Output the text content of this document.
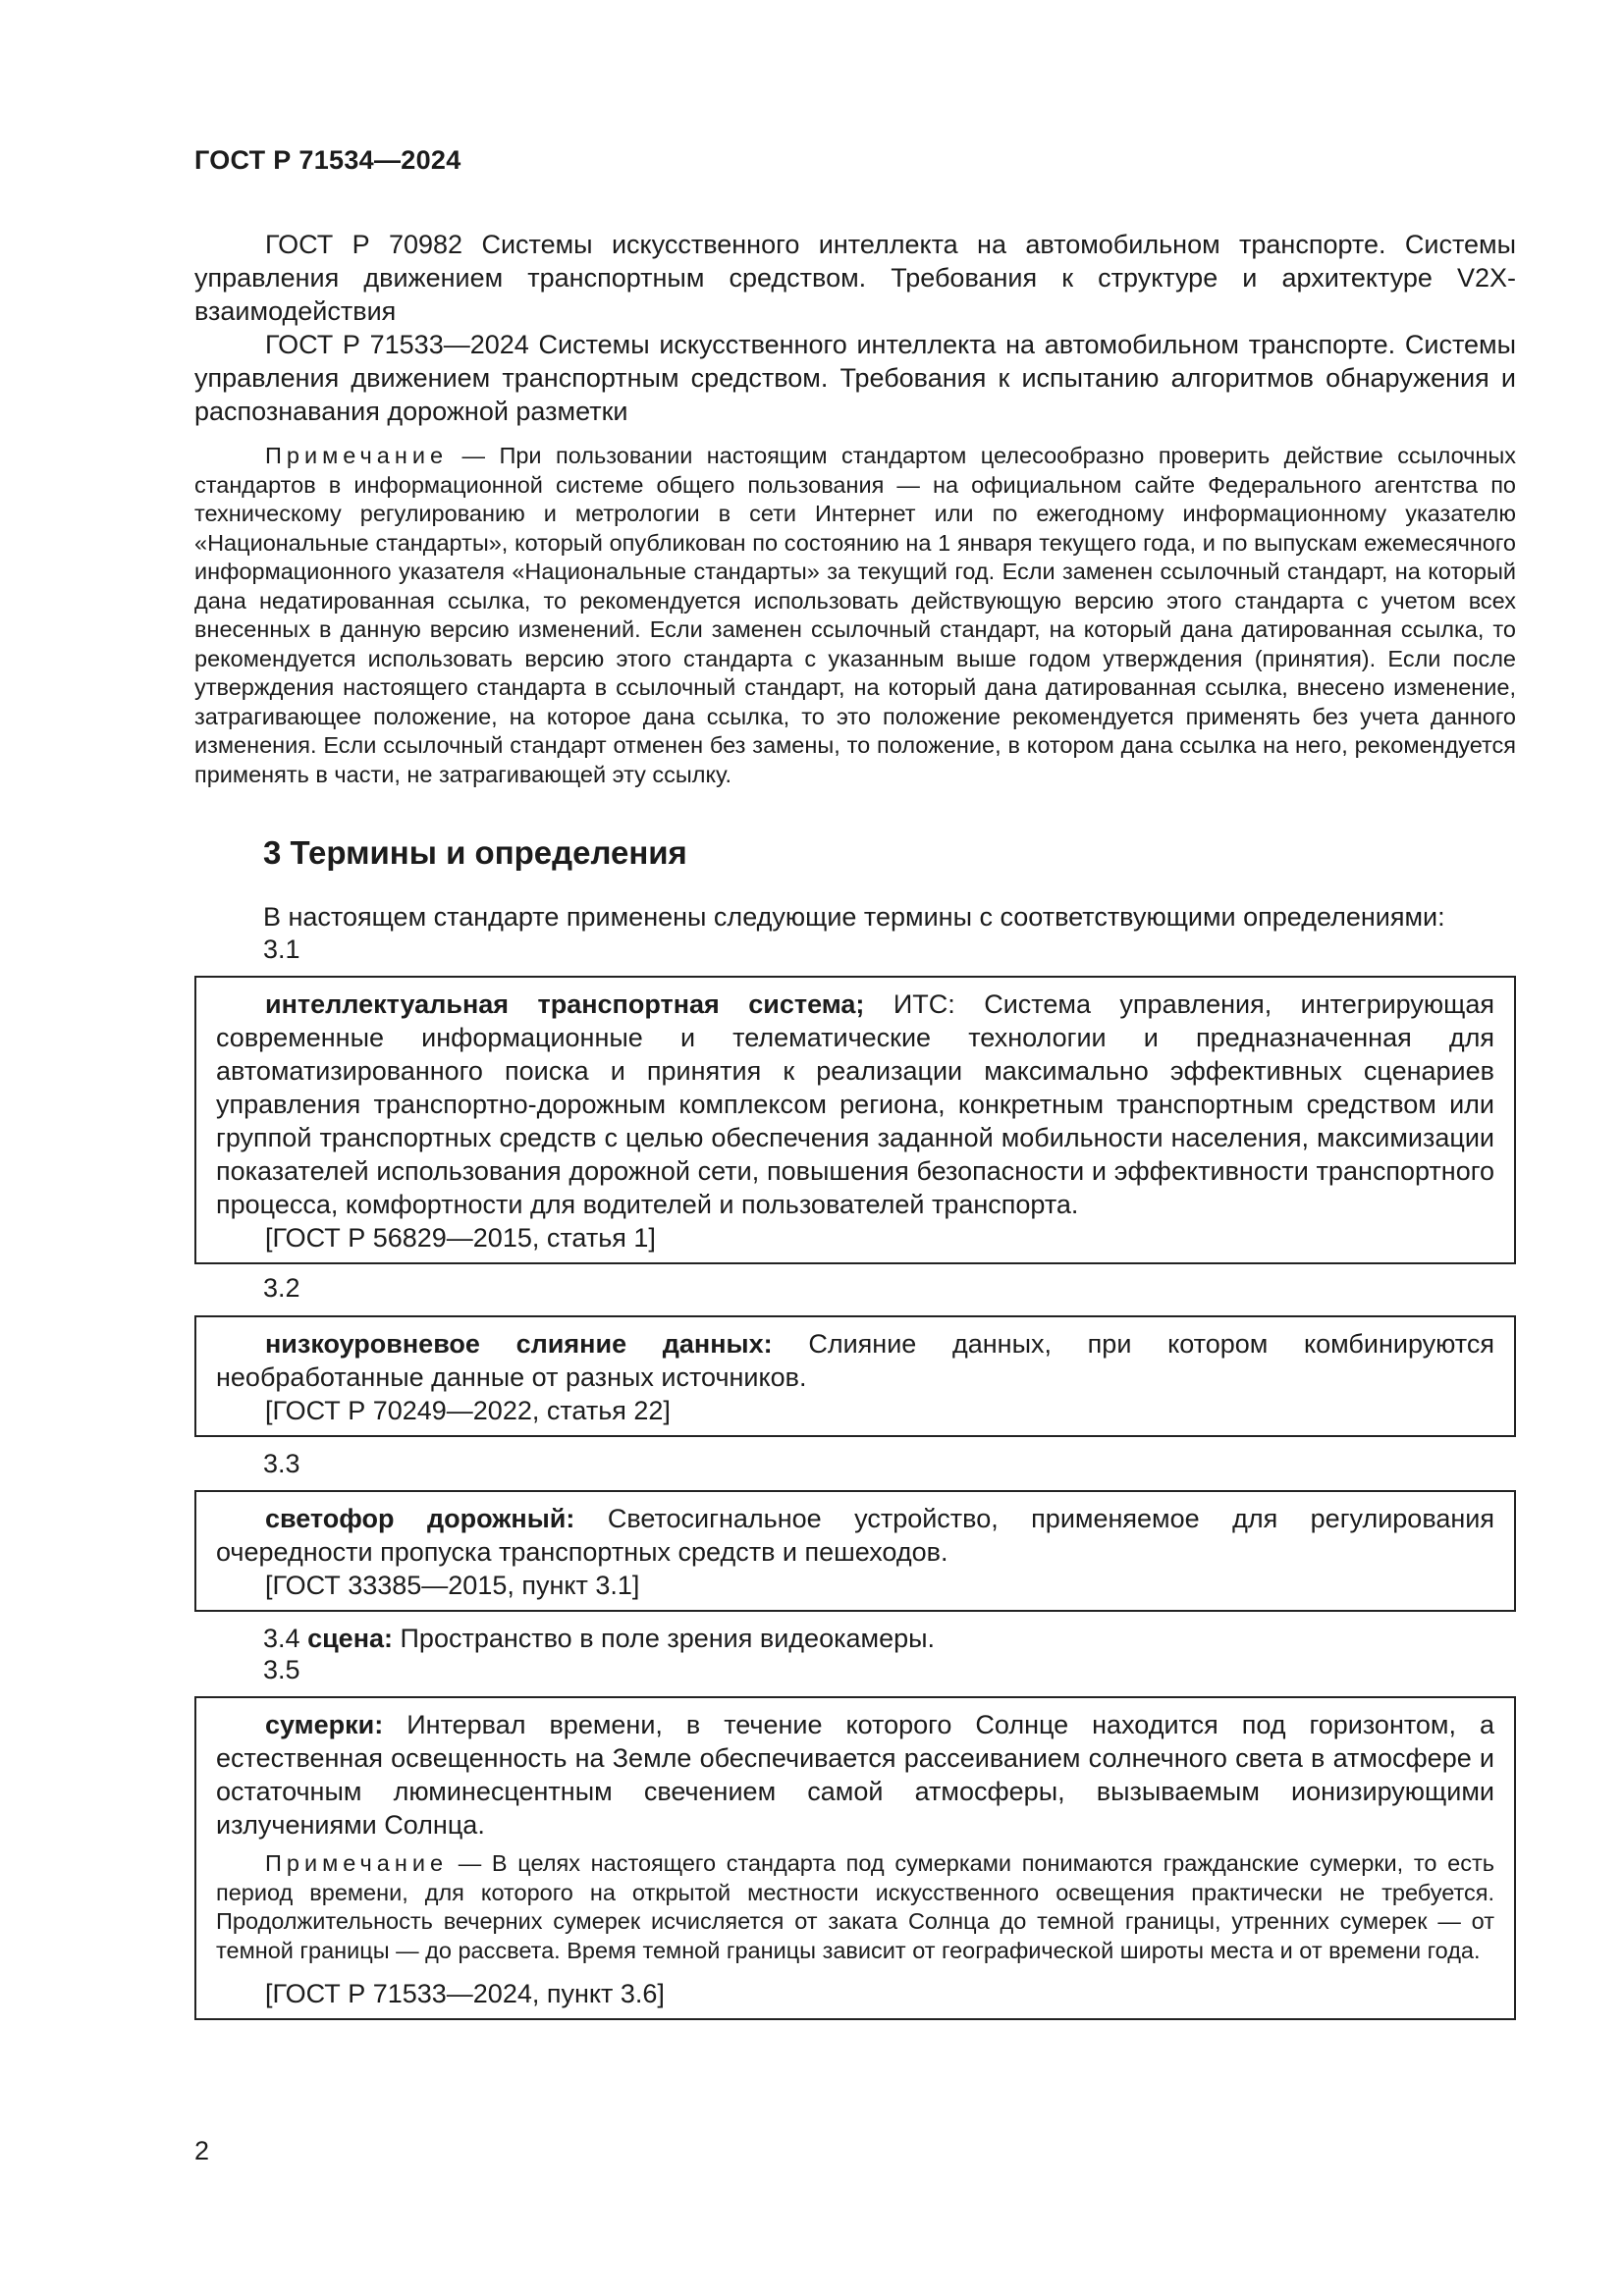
ГОСТ Р 71534—2024

ГОСТ Р 70982 Системы искусственного интеллекта на автомобильном транспорте. Системы управления движением транспортным средством. Требования к структуре и архитектуре V2X-взаимодействия

ГОСТ Р 71533—2024 Системы искусственного интеллекта на автомобильном транспорте. Системы управления движением транспортным средством. Требования к испытанию алгоритмов обнаружения и распознавания дорожной разметки

Примечание — При пользовании настоящим стандартом целесообразно проверить действие ссылочных стандартов в информационной системе общего пользования — на официальном сайте Федерального агентства по техническому регулированию и метрологии в сети Интернет или по ежегодному информационному указателю «Национальные стандарты», который опубликован по состоянию на 1 января текущего года, и по выпускам ежемесячного информационного указателя «Национальные стандарты» за текущий год. Если заменен ссылочный стандарт, на который дана недатированная ссылка, то рекомендуется использовать действующую версию этого стандарта с учетом всех внесенных в данную версию изменений. Если заменен ссылочный стандарт, на который дана датированная ссылка, то рекомендуется использовать версию этого стандарта с указанным выше годом утверждения (принятия). Если после утверждения настоящего стандарта в ссылочный стандарт, на который дана датированная ссылка, внесено изменение, затрагивающее положение, на которое дана ссылка, то это положение рекомендуется применять без учета данного изменения. Если ссылочный стандарт отменен без замены, то положение, в котором дана ссылка на него, рекомендуется применять в части, не затрагивающей эту ссылку.

3 Термины и определения
В настоящем стандарте применены следующие термины с соответствующими определениями:
3.1

интеллектуальная транспортная система; ИТС: Система управления, интегрирующая современные информационные и телематические технологии и предназначенная для автоматизированного поиска и принятия к реализации максимально эффективных сценариев управления транспортно-дорожным комплексом региона, конкретным транспортным средством или группой транспортных средств с целью обеспечения заданной мобильности населения, максимизации показателей использования дорожной сети, повышения безопасности и эффективности транспортного процесса, комфортности для водителей и пользователей транспорта.

[ГОСТ Р 56829—2015, статья 1]

3.2

низкоуровневое слияние данных: Слияние данных, при котором комбинируются необработанные данные от разных источников.

[ГОСТ Р 70249—2022, статья 22]

3.3

светофор дорожный: Светосигнальное устройство, применяемое для регулирования очередности пропуска транспортных средств и пешеходов.

[ГОСТ 33385—2015, пункт 3.1]

3.4 сцена: Пространство в поле зрения видеокамеры.
3.5

сумерки: Интервал времени, в течение которого Солнце находится под горизонтом, а естественная освещенность на Земле обеспечивается рассеиванием солнечного света в атмосфере и остаточным люминесцентным свечением самой атмосферы, вызываемым ионизирующими излучениями Солнца.

Примечание — В целях настоящего стандарта под сумерками понимаются гражданские сумерки, то есть период времени, для которого на открытой местности искусственного освещения практически не требуется. Продолжительность вечерних сумерек исчисляется от заката Солнца до темной границы, утренних сумерек — от темной границы — до рассвета. Время темной границы зависит от географической широты места и от времени года.

[ГОСТ Р 71533—2024, пункт 3.6]

2
